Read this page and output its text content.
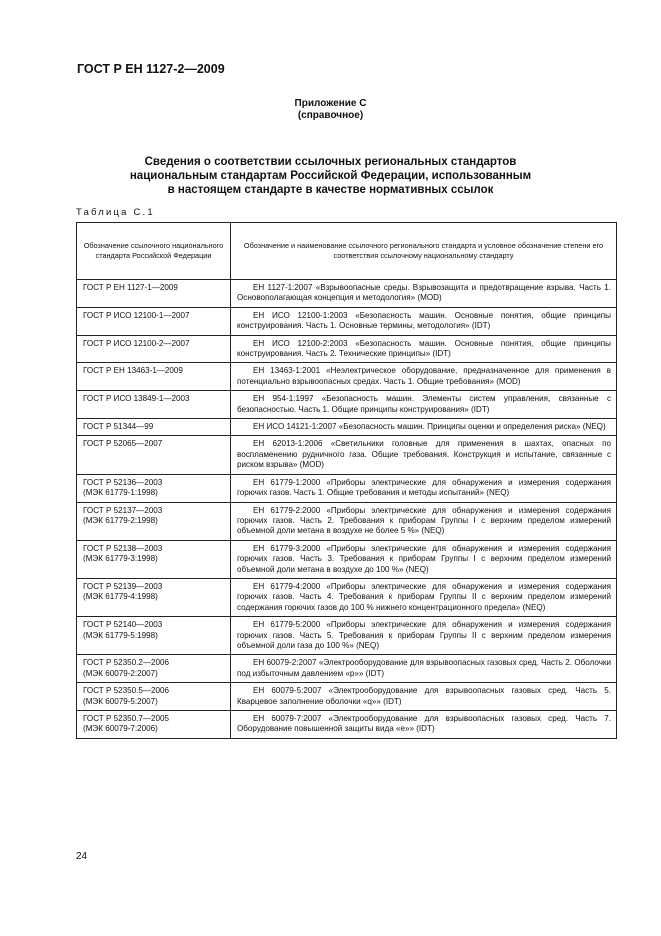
ГОСТ Р ЕН 1127-2—2009
Приложение С
(справочное)
Сведения о соответствии ссылочных региональных стандартов
национальным стандартам Российской Федерации, использованным
в настоящем стандарте в качестве нормативных ссылок
Таблица С.1
Обозначение ссылочного национального стандарта Российской Федерации	Обозначение и наименование ссылочного регионального стандарта и условное обозначение степени его соответствия ссылочному национальному стандарту

ГОСТ Р ЕН 1127-1—2009	ЕН 1127-1:2007 «Взрывоопасные среды. Взрывозащита и предотвращение взрыва. Часть 1. Основополагающая концепция и методология» (MOD)

ГОСТ Р ИСО 12100-1—2007	ЕН ИСО 12100-1:2003 «Безопасность машин. Основные понятия, общие принципы конструирования. Часть 1. Основные термины, методология» (IDT)

ГОСТ Р ИСО 12100-2—2007	ЕН ИСО 12100-2:2003 «Безопасность машин. Основные понятия, общие принципы конструирования. Часть 2. Технические принципы» (IDT)

ГОСТ Р ЕН 13463-1—2009	ЕН 13463-1:2001 «Неэлектрическое оборудование, предназначенное для применения в потенциально взрывоопасных средах. Часть 1. Общие требования» (MOD)

ГОСТ Р ИСО 13849-1—2003	ЕН 954-1:1997 «Безопасность машин. Элементы систем управления, связанные с безопасностью. Часть 1. Общие принципы конструирования» (IDT)

ГОСТ Р 51344—99	ЕН ИСО 14121-1:2007 «Безопасность машин. Принципы оценки и определения риска» (NEQ)

ГОСТ Р 52065—2007	ЕН 62013-1:2006 «Светильники головные для применения в шахтах, опасных по воспламенению рудничного газа. Общие требования. Конструкция и испытание, связанные с риском взрыва» (MOD)

ГОСТ Р 52136—2003
(МЭК 61779-1:1998)	ЕН 61779-1:2000 «Приборы электрические для обнаружения и измерения содержания горючих газов. Часть 1. Общие требования и методы испытаний» (NEQ)

ГОСТ Р 52137—2003
(МЭК 61779-2:1998)	ЕН 61779-2:2000 «Приборы электрические для обнаружения и измерения содержания горючих газов. Часть 2. Требования к приборам Группы I с верхним пределом измерений объемной доли метана в воздухе не более 5 %» (NEQ)

ГОСТ Р 52138—2003
(МЭК 61779-3:1998)	ЕН 61779-3:2000 «Приборы электрические для обнаружения и измерения содержания горючих газов. Часть 3. Требования к приборам Группы I с верхним пределом измерений объемной доли метана в воздухе до 100 %» (NEQ)

ГОСТ Р 52139—2003
(МЭК 61779-4:1998)	ЕН 61779-4:2000 «Приборы электрические для обнаружения и измерения содержания горючих газов. Часть 4. Требования к приборам Группы II с верхним пределом измерений содержания горючих газов до 100 % нижнего концентрационного предела» (NEQ)

ГОСТ Р 52140—2003
(МЭК 61779-5:1998)	ЕН 61779-5:2000 «Приборы электрические для обнаружения и измерения содержания горючих газов. Часть 5. Требования к приборам Группы II с верхним пределом измерения объемной доли газа до 100 %» (NEQ)

ГОСТ Р 52350.2—2006
(МЭК 60079-2:2007)	ЕН 60079-2:2007 «Электрооборудование для взрывоопасных газовых сред. Часть 2. Оболочки под избыточным давлением «р»» (IDT)

ГОСТ Р 52350.5—2006
(МЭК 60079-5:2007)	ЕН 60079-5:2007 «Электрооборудование для взрывоопасных газовых сред. Часть 5. Кварцевое заполнение оболочки «q»» (IDT)

ГОСТ Р 52350.7—2005
(МЭК 60079-7:2006)	ЕН 60079-7:2007 «Электрооборудование для взрывоопасных газовых сред. Часть 7. Оборудование повышенной защиты вида «е»» (IDT)
24
